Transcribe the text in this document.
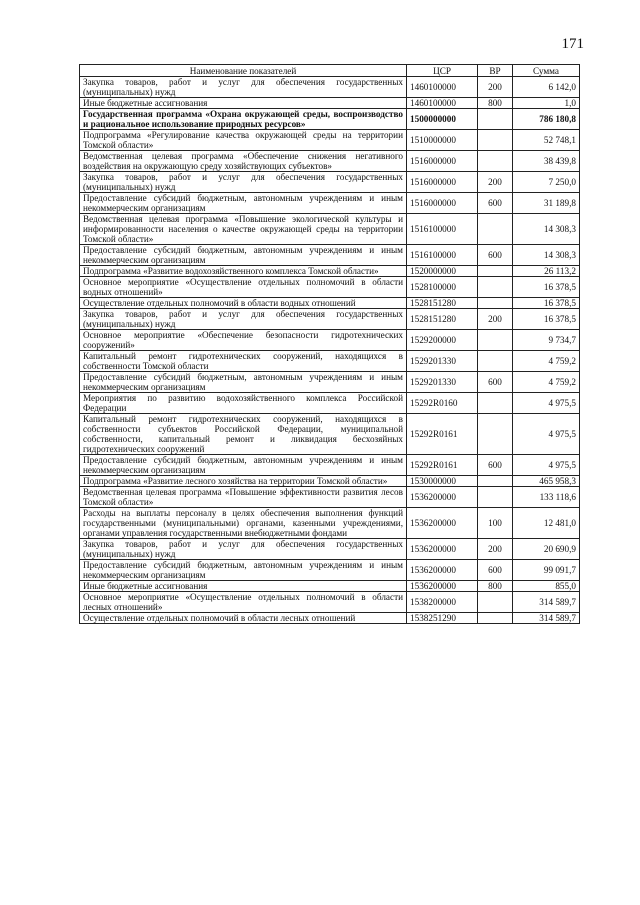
171
Наименование показателей	ЦСР	ВР	Сумма
Закупка товаров, работ и услуг для обеспечения государственных (муниципальных) нужд	1460100000	200	6 142,0
Иные бюджетные ассигнования	1460100000	800	1,0
Государственная программа «Охрана окружающей среды, воспроизводство и рациональное использование природных ресурсов»	1500000000		786 180,8
Подпрограмма «Регулирование качества окружающей среды на территории Томской области»	1510000000		52 748,1
Ведомственная целевая программа «Обеспечение снижения негативного воздействия на окружающую среду хозяйствующих субъектов»	1516000000		38 439,8
Закупка товаров, работ и услуг для обеспечения государственных (муниципальных) нужд	1516000000	200	7 250,0
Предоставление субсидий бюджетным, автономным учреждениям и иным некоммерческим организациям	1516000000	600	31 189,8
Ведомственная целевая программа «Повышение экологической культуры и информированности населения о качестве окружающей среды на территории Томской области»	1516100000		14 308,3
Предоставление субсидий бюджетным, автономным учреждениям и иным некоммерческим организациям	1516100000	600	14 308,3
Подпрограмма «Развитие водохозяйственного комплекса Томской области»	1520000000		26 113,2
Основное мероприятие «Осуществление отдельных полномочий в области водных отношений»	1528100000		16 378,5
Осуществление отдельных полномочий в области водных отношений	1528151280		16 378,5
Закупка товаров, работ и услуг для обеспечения государственных (муниципальных) нужд	1528151280	200	16 378,5
Основное мероприятие «Обеспечение безопасности гидротехнических сооружений»	1529200000		9 734,7
Капитальный ремонт гидротехнических сооружений, находящихся в собственности Томской области	1529201330		4 759,2
Предоставление субсидий бюджетным, автономным учреждениям и иным некоммерческим организациям	1529201330	600	4 759,2
Мероприятия по развитию водохозяйственного комплекса Российской Федерации	15292R0160		4 975,5
Капитальный ремонт гидротехнических сооружений, находящихся в собственности субъектов Российской Федерации, муниципальной собственности, капитальный ремонт и ликвидация бесхозяйных гидротехнических сооружений	15292R0161		4 975,5
Предоставление субсидий бюджетным, автономным учреждениям и иным некоммерческим организациям	15292R0161	600	4 975,5
Подпрограмма «Развитие лесного хозяйства на территории Томской области»	1530000000		465 958,3
Ведомственная целевая программа «Повышение эффективности развития лесов Томской области»	1536200000		133 118,6
Расходы на выплаты персоналу в целях обеспечения выполнения функций государственными (муниципальными) органами, казенными учреждениями, органами управления государственными внебюджетными фондами	1536200000	100	12 481,0
Закупка товаров, работ и услуг для обеспечения государственных (муниципальных) нужд	1536200000	200	20 690,9
Предоставление субсидий бюджетным, автономным учреждениям и иным некоммерческим организациям	1536200000	600	99 091,7
Иные бюджетные ассигнования	1536200000	800	855,0
Основное мероприятие «Осуществление отдельных полномочий в области лесных отношений»	1538200000		314 589,7
Осуществление отдельных полномочий в области лесных отношений	1538251290		314 589,7
